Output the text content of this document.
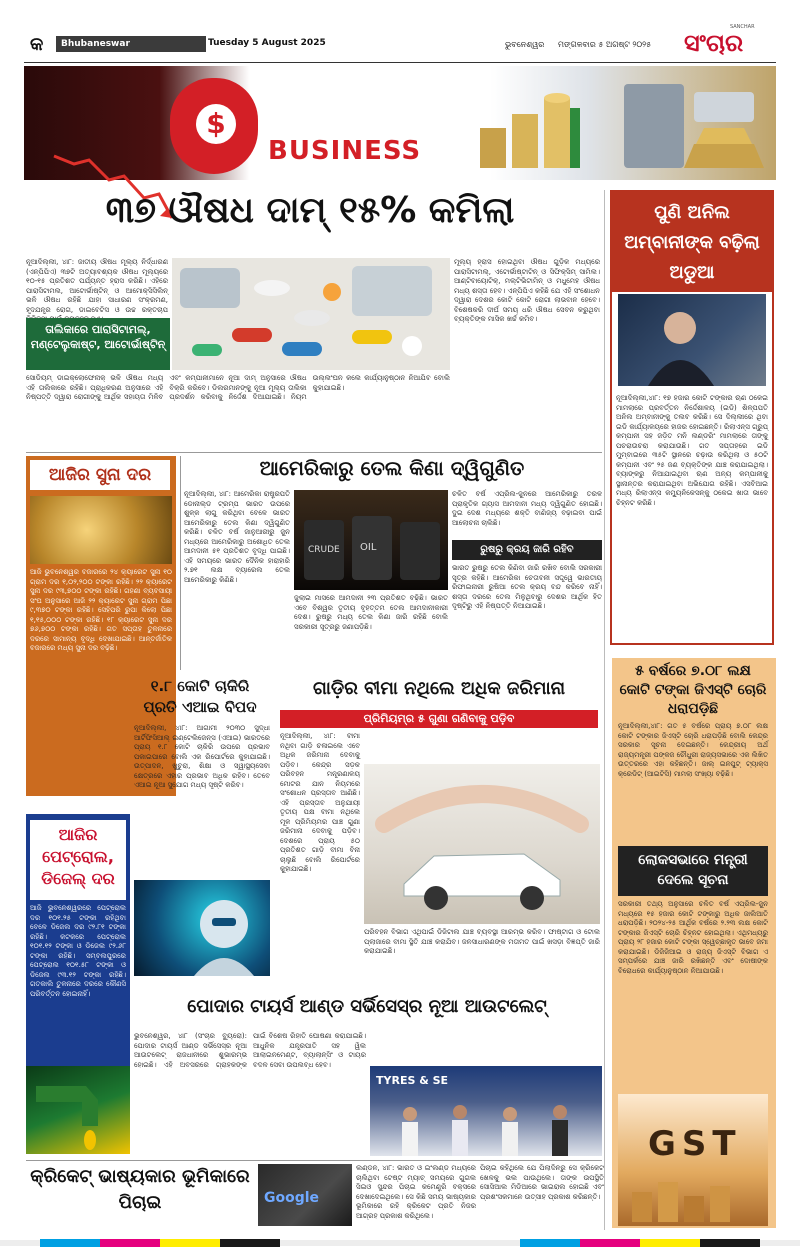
କ	Bhubaneswar	Tuesday 5 August 2025	ଭୁବନେଶ୍ୱର ମଙ୍ଗଳବାର ୫ ଅଗଷ୍ଟ ୨୦୨୫
SANCHAR
ସଂଚାର
$
BUSINESS
୩୭ ଔଷଧ ଦାମ୍ ୧୫% କମିଲା
ନୂଆଦିଲ୍ଲୀ, ୪ା୮: ଜାତୀୟ ଔଷଧ ମୂଲ୍ୟ ନିର୍ଦ୍ଧାରଣ (ଏନ୍‌ପିପିଏ) ୩୭ଟି ଅତ୍ୟାବଶ୍ୟକ ଔଷଧ ମୂଲ୍ୟରେ ୧୦-୧୫ ପ୍ରତିଶତ ପର୍ଯ୍ୟନ୍ତ ହ୍ରାସ କରିଛି। ଏହିରେ ପାରାସିଟାମଲ, ଆଟୋର୍ଭାଷ୍ଟିନ୍ ଓ ଆମୋକ୍ସିସିଲିନ୍ ଭଳି ଔଷଧ ରହିଛି ଯାହା ସାଧାରଣ ସଂକ୍ରମଣ, ହୃଦଯନ୍ତ୍ର ରୋଗ, ଡାଇବେଟିସ ଓ ଉଚ୍ଚ ରକ୍ତଚାପ
ତାଲିକାରେ ପାରାସିଟାମଲ୍, ମଣ୍ଟେଲୁକାଷ୍ଟ, ଆଟୋର୍ଭାଷ୍ଟିନ୍
ସୋଡିୟମ୍ ଡାଇକ୍ଲୋଫେନାକ୍ ଭଳି ଔଷଧ ମଧ୍ୟ ଏହି ତାଲିକାରେ ରହିଛି। ପ୍ରାଧିକରଣ ଅନୁସାରେ ଏହି ନିଷ୍ପତ୍ତି ଦ୍ୱାରା ରୋଗୀଙ୍କୁ ଆର୍ଥିକ ସହାୟତା ମିଳିବ ଏବଂ କମ୍ପାନୀମାନେ ନୂଆ ଦାମ୍ ଅନୁସାରେ ଔଷଧ ବିକ୍ରି କରିବେ। ଡିଲରମାନଙ୍କୁ ନୂଆ ମୂଲ୍ୟ ତାଲିକା ପ୍ରଦର୍ଶନ କରିବାକୁ ନିର୍ଦ୍ଦେଶ ଦିଆଯାଇଛି। ନିୟମ ଉଲ୍ଲଂଘନ କଲେ କାର୍ଯ୍ୟାନୁଷ୍ଠାନ ନିଆଯିବ ବୋଲି କୁହାଯାଇଛି।
ମୂଲ୍ୟ ହ୍ରାସ ହୋଇଥିବା ଔଷଧ ଗୁଡ଼ିକ ମଧ୍ୟରେ ପାରାସିଟାମଲ୍, ଏଟୋର୍ଭାଷ୍ଟାଟିନ୍ ଓ ସିଫିକ୍ସିମ୍ ସାମିଲ। ଆଣ୍ଟିବାୟୋଟିକ୍, ମଲ୍ଟିଭିଟାମିନ୍ ଓ ମଧୁମେହ ଔଷଧ ମଧ୍ୟ ଶସ୍ତା ହେବ। ଏନ୍‌ପିପିଏ କହିଛି ଯେ ଏହି ସଂଶୋଧନ ଦ୍ୱାରା ଦେଶର କୋଟି କୋଟି ରୋଗୀ ଲାଭବାନ ହେବେ। ବିଶେଷକରି ଦୀର୍ଘ ସମୟ ଧରି ଔଷଧ ସେବନ କରୁଥିବା ବ୍ୟକ୍ତିଙ୍କ ମାସିକ ଖର୍ଚ୍ଚ କମିବ।
ପୁଣି ଅନିଲ ଅମ୍ବାନୀଙ୍କ ବଢ଼ିଲା ଅଡୁଆ
ନୂଆଦିଲ୍ଲୀ,୪ା୮: ୧୭ ହଜାର କୋଟି ଟଙ୍କାର ଋଣ ଠକେଇ ମାମଲାରେ ପ୍ରବର୍ତ୍ତନ ନିର୍ଦ୍ଦେଶାଳୟ (ଇଡି) ଶିଳ୍ପପତି ଅନିଲ ଅମ୍ବାନୀଙ୍କୁ ତଲବ କରିଛି। ସେ ଦିଲ୍ଲୀରେ ଥିବା ଇଡି କାର୍ଯ୍ୟାଳୟରେ ହାଜର ହୋଇଛନ୍ତି। ରିଲାଏନ୍ସ ଗ୍ରୁପ୍ କମ୍ପାନୀ ସହ ଜଡ଼ିତ ମନି ଲଣ୍ଡରିଂ ମାମଲାରେ ତାଙ୍କୁ ପଚରାଉଚରା କରାଯାଉଛି। ଗତ ସପ୍ତାହରେ ଇଡି ମୁମ୍ବାଇରେ ୩୫ଟି ସ୍ଥାନରେ ଚଢ଼ାଉ କରିଥିଲା ଓ ୫୦ଟି କମ୍ପାନୀ ଏବଂ ୨୫ ଜଣ ବ୍ୟକ୍ତିଙ୍କ ଯାଞ୍ଚ କରାଯାଇଥିଲା। ବ୍ୟାଙ୍କରୁ ନିଆଯାଇଥିବା ଋଣ ଅନ୍ୟ କମ୍ପାନୀକୁ ସ୍ଥାନାନ୍ତର କରାଯାଇଥିବା ଅଭିଯୋଗ ରହିଛି। ଏସବିଆଇ ମଧ୍ୟ ରିଲାଏନ୍ସ କମ୍ୟୁନିକେସନ୍‌କୁ ଠକେଇ ଖାତା ଭାବେ ଚିହ୍ନଟ କରିଛି।
୫ ବର୍ଷରେ ୭.୦୮ ଲକ୍ଷ କୋଟି ଟଙ୍କା ଜିଏସ୍‌ଟି ଚୋରି ଧରାପଡ଼ିଛି
ନୂଆଦିଲ୍ଲୀ,୪ା୮: ଗତ ୫ ବର୍ଷରେ ପ୍ରାୟ ୭.୦୮ ଲକ୍ଷ କୋଟି ଟଙ୍କାର ଜିଏସ୍‌ଟି ଚୋରି ଧରାପଡ଼ିଛି ବୋଲି କେନ୍ଦ୍ର ସରକାର ସୂଚନା ଦେଇଛନ୍ତି। କେନ୍ଦ୍ରୀୟ ଅର୍ଥ ରାଜ୍ୟମନ୍ତ୍ରୀ ପଙ୍କଜ ଚୌଧୁରୀ ରାଜ୍ୟସଭାରେ ଏକ ଲିଖିତ ଉତ୍ତରରେ ଏହା କହିଛନ୍ତି। ଜାଲ୍ ଇନପୁଟ୍ ଟ୍ୟାକ୍ସ କ୍ରେଡିଟ୍ (ଆଇଟିସି) ମାମଲା ସଂଖ୍ୟା ବଢ଼ିଛି।
ଲୋକସଭାରେ ମନ୍ତ୍ରୀ ଦେଲେ ସୂଚନା
ସରକାରୀ ତଥ୍ୟ ଅନୁସାରେ ଚଳିତ ବର୍ଷ ଏପ୍ରିଲ-ଜୁନ ମଧ୍ୟରେ ୧୫ ହଜାର କୋଟି ଟଙ୍କାରୁ ଅଧିକ ଜାଲିଆତି ଧରାପଡ଼ିଛି। ୨୦୨୪-୨୫ ଆର୍ଥିକ ବର୍ଷରେ ୨.୨୩ ଲକ୍ଷ କୋଟି ଟଙ୍କାର ଜିଏସ୍‌ଟି ଚୋରି ଚିହ୍ନଟ ହୋଇଥିଲା। ଏଥିମଧ୍ୟରୁ ପ୍ରାୟ ୨୮ ହଜାର କୋଟି ଟଙ୍କା ସ୍ୱେଚ୍ଛାକୃତ ଭାବେ ଜମା କରାଯାଇଛି। ଡିଜିଜିଆଇ ଓ ରାଜ୍ୟ ଜିଏସ୍‌ଟି ବିଭାଗ ଏ ସମ୍ପର୍କରେ ଯାଞ୍ଚ ଜାରି ରଖିଛନ୍ତି ଏବଂ ଦୋଷୀଙ୍କ ବିରୋଧରେ କାର୍ଯ୍ୟାନୁଷ୍ଠାନ ନିଆଯାଉଛି।
GST
ଆଜିର ସୁନା ଦର
ଆଜି ଭୁବନେଶ୍ୱର ବଜାରରେ ୨୪ କ୍ୟାରେଟ ସୁନା ୧୦ ଗ୍ରାମ ଦର ୧,୦୨,୨୦୦ ଟଙ୍କା ରହିଛି। ୨୨ କ୍ୟାରେଟ ସୁନା ଦର ୯୩,୭୦୦ ଟଙ୍କା ରହିଛି। ଗହଣା ବ୍ୟବସାୟୀ ସଂଘ ଅନୁସାରେ ଆଜି ୨୨ କ୍ୟାରେଟ ସୁନା ଗ୍ରାମ ପିଛା ୯,୩୭୦ ଟଙ୍କା ରହିଛି। ସେହିପରି ରୁପା କିଲୋ ପିଛା ୧,୧୫,୦୦୦ ଟଙ୍କା ରହିଛି। ୧୮ କ୍ୟାରେଟ ସୁନା ଦର ୭୬,୭୦୦ ଟଙ୍କା ରହିଛି। ଗତ ସପ୍ତାହ ତୁଳନାରେ ଦରରେ ସାମାନ୍ୟ ବୃଦ୍ଧି ଦେଖାଯାଇଛି। ଆନ୍ତର୍ଜାତିକ ବଜାରରେ ମଧ୍ୟ ସୁନା ଦର ବଢ଼ିଛି।
ଆମେରିକାରୁ ତେଲ କିଣା ଦ୍ୱିଗୁଣିତ
ନୂଆଦିଲ୍ଲୀ, ୪ା୮: ଆମେରିକା ରାଷ୍ଟ୍ରପତି ଡୋନାଲ୍ଡ ଟ୍ରମ୍ପ ଭାରତ ଉପରେ ଶୁଳ୍କ ଲାଗୁ କରିଥିବା ବେଳେ ଭାରତ ଆମେରିକାରୁ ତେଲ କିଣା ଦ୍ୱିଗୁଣିତ କରିଛି। ଚଳିତ ବର୍ଷ ଜାନୁଆରୀରୁ ଜୁନ ମଧ୍ୟରେ ଆମେରିକାରୁ ଅଶୋଧିତ ତେଲ ଆମଦାନୀ ୫୧ ପ୍ରତିଶତ ବୃଦ୍ଧି ପାଇଛି। ଏହି ସମୟରେ ଭାରତ ଦୈନିକ ହାରାହାରି ୨.୭୧ ଲକ୍ଷ ବ୍ୟାରେଲ ତେଲ ଆମେରିକାରୁ କିଣିଛି।
CRUDE OIL
ଜୁଲାଇ ମାସରେ ଆମଦାନୀ ୨୩ ପ୍ରତିଶତ ବଢ଼ିଛି। ଭାରତ ଏବେ ବିଶ୍ୱର ତୃତୀୟ ବୃହତ୍ତମ ତେଲ ଆମଦାନୀକାରୀ ଦେଶ। ରୁଷରୁ ମଧ୍ୟ ତେଲ କିଣା ଜାରି ରହିଛି ବୋଲି ସରକାରୀ ସୂତ୍ରରୁ ଜଣାପଡ଼ିଛି।
ଚଳିତ ବର୍ଷ ଏପ୍ରିଲ-ଜୁନରେ ଆମେରିକାରୁ ତରଳ ପ୍ରାକୃତିକ ଗ୍ୟାସ ଆମଦାନୀ ମଧ୍ୟ ଦ୍ୱିଗୁଣିତ ହୋଇଛି। ଦୁଇ ଦେଶ ମଧ୍ୟରେ ଶକ୍ତି ବାଣିଜ୍ୟ ବଢ଼ାଇବା ପାଇଁ ଆଲୋଚନା ଚାଲିଛି।
ରୁଷରୁ କ୍ରୟ ଜାରି ରହିବ
ଭାରତ ରୁଷରୁ ତେଲ କିଣିବା ଜାରି ରଖିବ ବୋଲି ସରକାରୀ ସୂତ୍ର କହିଛି। ଆମେରିକା ଚେତାବନୀ ସତ୍ତ୍ୱେ ଭାରତୀୟ ରିଫାଇନାରୀ ରୁଷିଆ ତେଲ କ୍ରୟ ବନ୍ଦ କରିବେ ନାହିଁ। ଶସ୍ତା ଦରରେ ତେଲ ମିଳୁଥିବାରୁ ଦେଶର ଆର୍ଥିକ ହିତ ଦୃଷ୍ଟିରୁ ଏହି ନିଷ୍ପତ୍ତି ନିଆଯାଇଛି।
୧.୮ କୋଟି ଚାକିରି ପ୍ରତି ଏଆଇ ବିପଦ
ନୂଆଦିଲ୍ଲୀ, ୪ା୮: ଆଗାମୀ ୨୦୩୦ ସୁଦ୍ଧା ଆର୍ଟିଫିସିଆଲ୍ ଇଣ୍ଟେଲିଜେନ୍ସ (ଏଆଇ) ଭାରତରେ ପ୍ରାୟ ୧.୮ କୋଟି ଚାକିରି ଉପରେ ପ୍ରଭାବ ପକାଇପାରେ ବୋଲି ଏକ ରିପୋର୍ଟରେ କୁହାଯାଇଛି। ଉତ୍ପାଦନ, ଖୁଚୁରା, ଶିକ୍ଷା ଓ ସ୍ୱାସ୍ଥ୍ୟସେବା କ୍ଷେତ୍ରରେ ଏହାର ପ୍ରଭାବ ଅଧିକ ରହିବ। ତେବେ ଏଆଇ ନୂଆ ସୁଯୋଗ ମଧ୍ୟ ସୃଷ୍ଟି କରିବ।
ଆଜିର ପେଟ୍ରୋଲ, ଡିଜେଲ୍ ଦର
ଆଜି ଭୁବନେଶ୍ୱରରେ ପେଟ୍ରୋଲ ଦର ୧୦୧.୨୫ ଟଙ୍କା ରହିଥିବା ବେଳେ ଡିଜେଲ ଦର ୯୨.୮୧ ଟଙ୍କା ରହିଛି। କଟକରେ ପେଟ୍ରୋଲ ୧୦୧.୧୨ ଟଙ୍କା ଓ ଡିଜେଲ ୯୨.୬୮ ଟଙ୍କା ରହିଛି। ସମ୍ବଲପୁରରେ ପେଟ୍ରୋଲ ୧୦୧.୫୮ ଟଙ୍କା ଓ ଡିଜେଲ ୯୩.୧୨ ଟଙ୍କା ରହିଛି। ଗତକାଲି ତୁଳନାରେ ଦରରେ କୌଣସି ପରିବର୍ତ୍ତନ ହୋଇନାହିଁ।
ଗାଡ଼ିର ବୀମା ନଥିଲେ ଅଧିକ ଜରିମାନା
ପ୍ରିମିୟମ୍‌ର ୫ ଗୁଣା ଗଣିବାକୁ ପଡ଼ିବ
ନୂଆଦିଲ୍ଲୀ, ୪ା୮: ବୀମା ନଥିବା ଗାଡ଼ି ଚଳାଇଲେ ଏବେ ଅଧିକ ଜରିମାନା ଦେବାକୁ ପଡ଼ିବ। କେନ୍ଦ୍ର ସଡ଼କ ପରିବହନ ମନ୍ତ୍ରଣାଳୟ ମୋଟର ଯାନ ନିୟମରେ ସଂଶୋଧନ ପ୍ରସ୍ତାବ ଆଣିଛି। ଏହି ପ୍ରସ୍ତାବ ଅନୁଯାୟୀ ତୃତୀୟ ପକ୍ଷ ବୀମା ନଥିଲେ ମୂଳ ପ୍ରିମିୟମର ପାଞ୍ଚ ଗୁଣା ଜରିମାନା ଦେବାକୁ ପଡ଼ିବ। ଦେଶରେ ପ୍ରାୟ ୫୦ ପ୍ରତିଶତ ଗାଡ଼ି ବୀମା ବିନା ଚାଲୁଛି ବୋଲି ରିପୋର୍ଟରେ କୁହାଯାଇଛି।
ପରିବହନ ବିଭାଗ ଏଥିପାଇଁ ଡିଜିଟାଲ ଯାଞ୍ଚ ବ୍ୟବସ୍ଥା ଆରମ୍ଭ କରିବ। ଫାଷ୍ଟାଗ ଓ ଟୋଲ ପ୍ଲାଜାରେ ବୀମା ସ୍ଥିତି ଯାଞ୍ଚ କରାଯିବ। ଜନସାଧାରଣଙ୍କ ମତାମତ ପାଇଁ ଖସଡ଼ା ବିଜ୍ଞପ୍ତି ଜାରି କରାଯାଇଛି।
ପୋଦାର ଟାୟର୍ସ ଆଣ୍ଡ ସର୍ଭିସେସ୍‌ର ନୂଆ ଆଉଟଲେଟ୍
ଭୁବନେଶ୍ୱର, ୪ା୮ (ସଂଚାର ବ୍ୟୁରୋ): ପୋଦାର ଟାୟର୍ସ ଆଣ୍ଡ ସର୍ଭିସେସ୍‌ର ନୂଆ ଆଉଟଲେଟ୍ ରାଜଧାନୀରେ ଶୁଭାରମ୍ଭ ହୋଇଛି। ଏହି ଅବସରରେ ଗ୍ରାହକଙ୍କ ପାଇଁ ବିଶେଷ ରିହାତି ଘୋଷଣା କରାଯାଇଛି। ଆଧୁନିକ ଯନ୍ତ୍ରପାତି ସହ ୱିଲ ଆଲାଇନମେଣ୍ଟ, ବ୍ୟାଲାନ୍ସିଂ ଓ ଟାୟର ବଦଳ ସେବା ଉପଲବ୍ଧ ହେବ।
TYRES & SE
କ୍ରିକେଟ୍ ଭାଷ୍ୟକାର ଭୂମିକାରେ ପିଚାଇ	Google
ଲଣ୍ଡନ, ୪ା୮: ଭାରତ ଓ ଇଂଲଣ୍ଡ ମଧ୍ୟରେ ଚାଲିଥିବା ଟେଷ୍ଟ ମ୍ୟାଚ୍ ସମୟରେ ଗୁଗଲ ସିଇଓ ସୁନ୍ଦର ପିଚାଇ କମେଣ୍ଟ୍ରି ବକ୍ସରେ ଦେଖାଦେଇଥିଲେ। ସେ କିଛି ସମୟ ଭାଷ୍ୟକାର ଭୂମିକାରେ ରହି କ୍ରିକେଟ ପ୍ରତି ନିଜର ଆଗ୍ରହ ପ୍ରକାଶ କରିଥିଲେ।
ପିଚାଇ କହିଥିଲେ ଯେ ପିଲାଦିନରୁ ସେ କ୍ରିକେଟ ଖେଳକୁ ଭଲ ପାଉଥିଲେ। ତାଙ୍କ ଉପସ୍ଥିତି ସୋସିଆଲ ମିଡିଆରେ ଭାଇରାଲ ହୋଇଛି ଏବଂ ପ୍ରଶଂସକମାନେ ଉତ୍ସାହ ପ୍ରକାଶ କରିଛନ୍ତି।
